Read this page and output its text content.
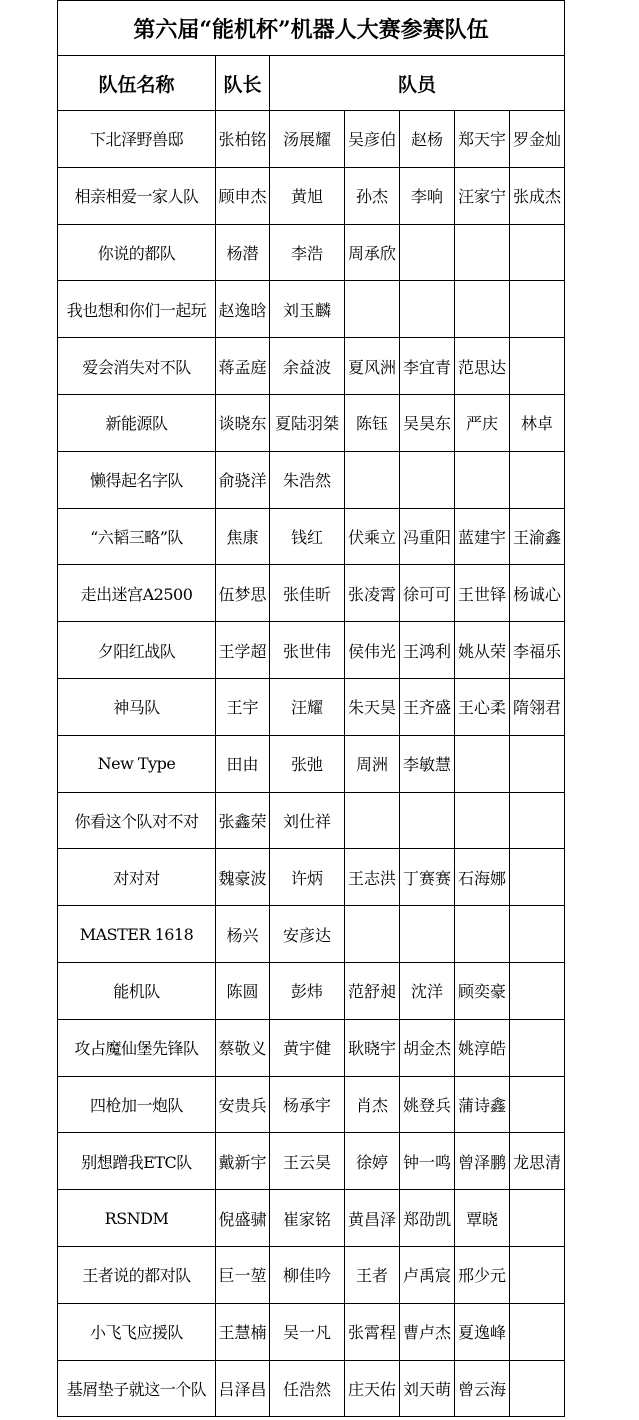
第六届“能机杯”机器人大赛参赛队伍						
队伍名称	队长	队员				
下北泽野兽邸	张柏铭	汤展耀	吴彦伯	赵杨	郑天宇	罗金灿
相亲相爱一家人队	顾申杰	黄旭	孙杰	李响	汪家宁	张成杰
你说的都队	杨潜	李浩	周承欣			
我也想和你们一起玩	赵逸晗	刘玉麟				
爱会消失对不队	蒋孟庭	余益波	夏风洲	李宜青	范思达	
新能源队	谈晓东	夏陆羽桀	陈钰	吴昊东	严庆	林卓
懒得起名字队	俞骁洋	朱浩然				
“六韬三略”队	焦康	钱红	伏乘立	冯重阳	蓝建宇	王渝鑫
走出迷宫A2500	伍梦思	张佳昕	张凌霄	徐可可	王世铎	杨诚心
夕阳红战队	王学超	张世伟	侯伟光	王鸿利	姚从荣	李福乐
神马队	王宇	汪耀	朱天昊	王齐盛	王心柔	隋翎君
New Type	田由	张弛	周洲	李敏慧		
你看这个队对不对	张鑫荣	刘仕祥				
对对对	魏豪波	许炳	王志洪	丁赛赛	石海娜	
MASTER 1618	杨兴	安彦达				
能机队	陈圆	彭炜	范舒昶	沈洋	顾奕豪	
攻占魔仙堡先锋队	蔡敬义	黄宇健	耿晓宇	胡金杰	姚淳皓	
四枪加一炮队	安贵兵	杨承宇	肖杰	姚登兵	蒲诗鑫	
别想蹭我ETC队	戴新宇	王云昊	徐婷	钟一鸣	曾泽鹏	龙思清
RSNDM	倪盛骕	崔家铭	黄昌泽	郑劭凯	覃晓	
王者说的都对队	巨一堃	柳佳吟	王者	卢禹宸	邢少元	
小飞飞应援队	王慧楠	吴一凡	张霄程	曹卢杰	夏逸峰	
基屑垫子就这一个队	吕泽昌	任浩然	庄天佑	刘天萌	曾云海	
